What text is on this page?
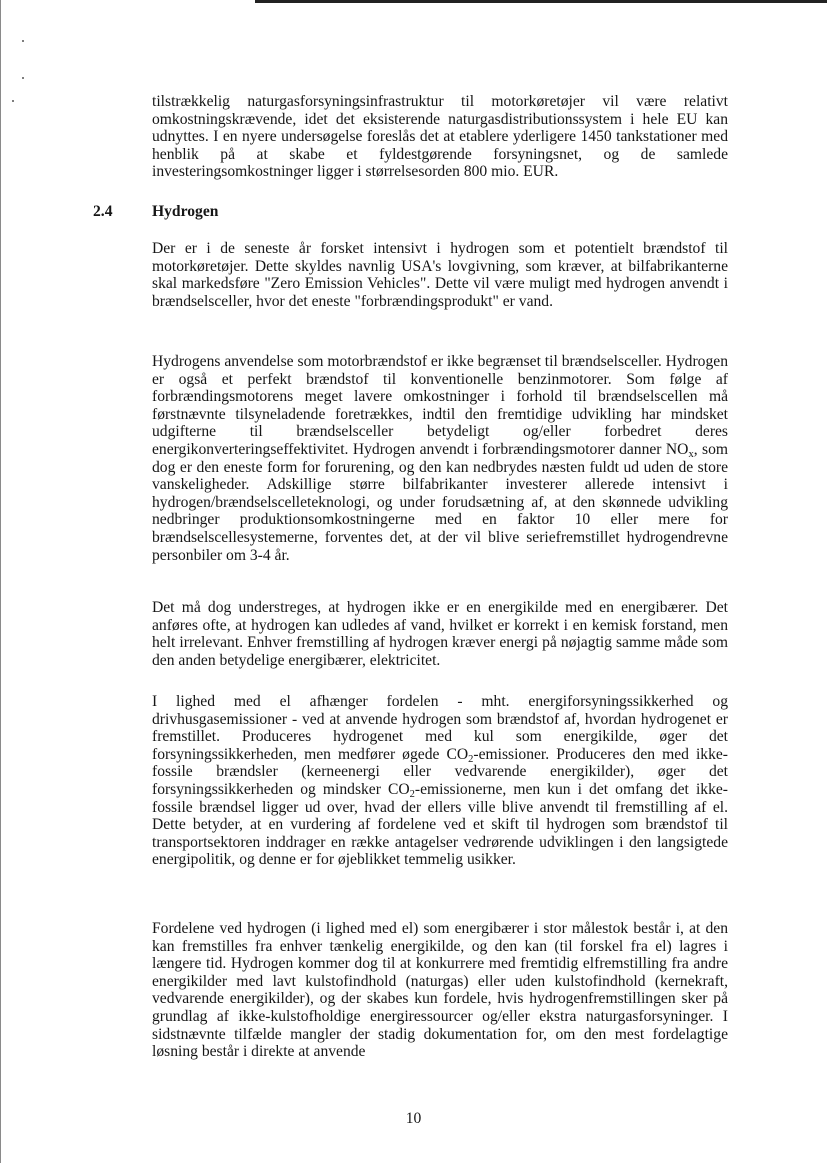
tilstrækkelig naturgasforsyningsinfrastruktur til motorkøretøjer vil være relativt omkostningskrævende, idet det eksisterende naturgasdistributionssystem i hele EU kan udnyttes. I en nyere undersøgelse foreslås det at etablere yderligere 1450 tankstationer med henblik på at skabe et fyldestgørende forsyningsnet, og de samlede investeringsomkostninger ligger i størrelsesorden 800 mio. EUR.

2.4	Hydrogen

Der er i de seneste år forsket intensivt i hydrogen som et potentielt brændstof til motorkøretøjer. Dette skyldes navnlig USA's lovgivning, som kræver, at bilfabrikanterne skal markedsføre "Zero Emission Vehicles". Dette vil være muligt med hydrogen anvendt i brændselsceller, hvor det eneste "forbrændingsprodukt" er vand.

Hydrogens anvendelse som motorbrændstof er ikke begrænset til brændselsceller. Hydrogen er også et perfekt brændstof til konventionelle benzinmotorer. Som følge af forbrændingsmotorens meget lavere omkostninger i forhold til brændselscellen må førstnævnte tilsyneladende foretrækkes, indtil den fremtidige udvikling har mindsket udgifterne til brændselsceller betydeligt og/eller forbedret deres energikonverteringseffektivitet. Hydrogen anvendt i forbrændingsmotorer danner $NO_x$, som dog er den eneste form for forurening, og den kan nedbrydes næsten fuldt ud uden de store vanskeligheder. Adskillige større bilfabrikanter investerer allerede intensivt i hydrogen/brændselscelleteknologi, og under forudsætning af, at den skønnede udvikling nedbringer produktionsomkostningerne med en faktor 10 eller mere for brændselscellesystemerne, forventes det, at der vil blive seriefremstillet hydrogendrevne personbiler om 3-4 år.

Det må dog understreges, at hydrogen ikke er en energikilde med en energibærer. Det anføres ofte, at hydrogen kan udledes af vand, hvilket er korrekt i en kemisk forstand, men helt irrelevant. Enhver fremstilling af hydrogen kræver energi på nøjagtig samme måde som den anden betydelige energibærer, elektricitet.

I lighed med el afhænger fordelen - mht. energiforsyningssikkerhed og drivhusgasemissioner - ved at anvende hydrogen som brændstof af, hvordan hydrogenet er fremstillet. Produceres hydrogenet med kul som energikilde, øger det forsyningssikkerheden, men medfører øgede $CO_2$-emissioner. Produceres den med ikke-fossile brændsler (kerneenergi eller vedvarende energikilder), øger det forsyningssikkerheden og mindsker $CO_2$-emissionerne, men kun i det omfang det ikke-fossile brændsel ligger ud over, hvad der ellers ville blive anvendt til fremstilling af el. Dette betyder, at en vurdering af fordelene ved et skift til hydrogen som brændstof til transportsektoren inddrager en række antagelser vedrørende udviklingen i den langsigtede energipolitik, og denne er for øjeblikket temmelig usikker.

Fordelene ved hydrogen (i lighed med el) som energibærer i stor målestok består i, at den kan fremstilles fra enhver tænkelig energikilde, og den kan (til forskel fra el) lagres i længere tid. Hydrogen kommer dog til at konkurrere med fremtidig elfremstilling fra andre energikilder med lavt kulstofindhold (naturgas) eller uden kulstofindhold (kernekraft, vedvarende energikilder), og der skabes kun fordele, hvis hydrogenfremstillingen sker på grundlag af ikke-kulstofholdige energiressourcer og/eller ekstra naturgasforsyninger. I sidstnævnte tilfælde mangler der stadig dokumentation for, om den mest fordelagtige løsning består i direkte at anvende

10
